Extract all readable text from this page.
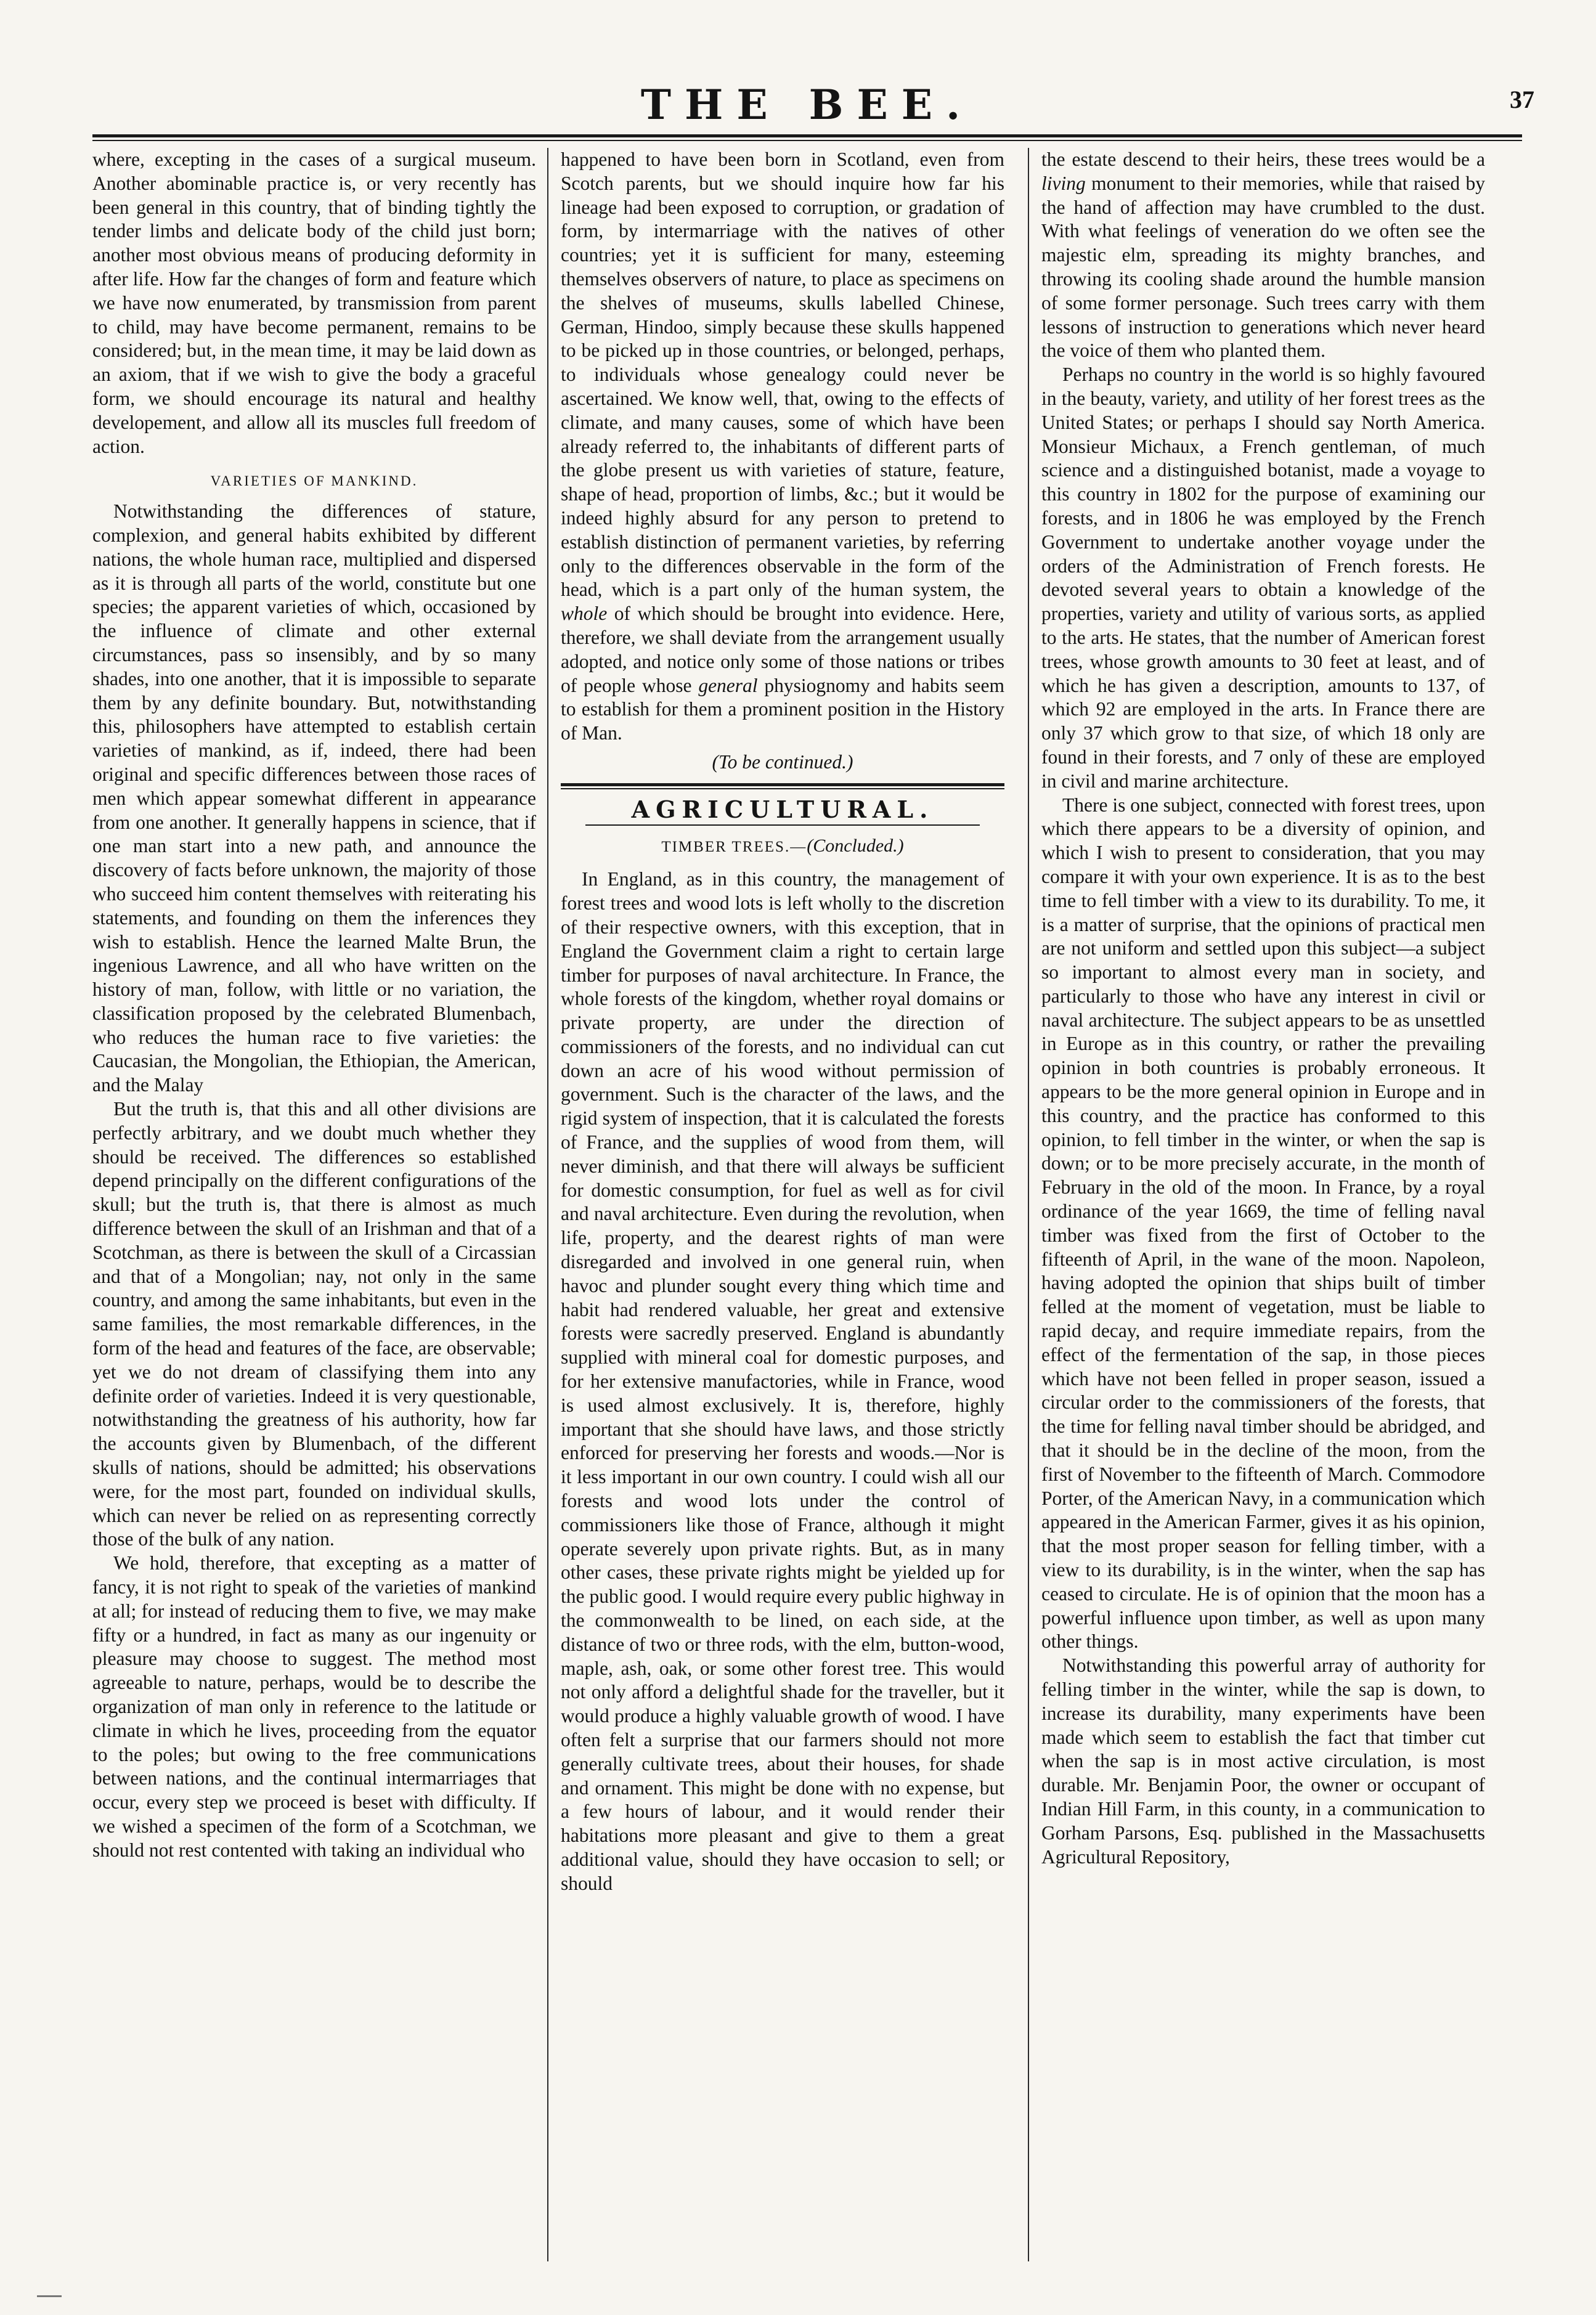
THE BEE.	37

where, excepting in the cases of a surgical museum. Another abominable practice is, or very recently has been general in this country, that of binding tightly the tender limbs and delicate body of the child just born; another most obvious means of producing deformity in after life. How far the changes of form and feature which we have now enumerated, by transmission from parent to child, may have become permanent, remains to be considered; but, in the mean time, it may be laid down as an axiom, that if we wish to give the body a graceful form, we should encourage its natural and healthy developement, and allow all its muscles full freedom of action.

VARIETIES OF MANKIND.

Notwithstanding the differences of stature, complexion, and general habits exhibited by different nations, the whole human race, multiplied and dispersed as it is through all parts of the world, constitute but one species; the apparent varieties of which, occasioned by the influence of climate and other external circumstances, pass so insensibly, and by so many shades, into one another, that it is impossible to separate them by any definite boundary. But, notwithstanding this, philosophers have attempted to establish certain varieties of mankind, as if, indeed, there had been original and specific differences between those races of men which appear somewhat different in appearance from one another. It generally happens in science, that if one man start into a new path, and announce the discovery of facts before unknown, the majority of those who succeed him content themselves with reiterating his statements, and founding on them the inferences they wish to establish. Hence the learned Malte Brun, the ingenious Lawrence, and all who have written on the history of man, follow, with little or no variation, the classification proposed by the celebrated Blumenbach, who reduces the human race to five varieties: the Caucasian, the Mongolian, the Ethiopian, the American, and the Malay

But the truth is, that this and all other divisions are perfectly arbitrary, and we doubt much whether they should be received. The differences so established depend principally on the different configurations of the skull; but the truth is, that there is almost as much difference between the skull of an Irishman and that of a Scotchman, as there is between the skull of a Circassian and that of a Mongolian; nay, not only in the same country, and among the same inhabitants, but even in the same families, the most remarkable differences, in the form of the head and features of the face, are observable; yet we do not dream of classifying them into any definite order of varieties. Indeed it is very questionable, notwithstanding the greatness of his authority, how far the accounts given by Blumenbach, of the different skulls of nations, should be admitted; his observations were, for the most part, founded on individual skulls, which can never be relied on as representing correctly those of the bulk of any nation.

We hold, therefore, that excepting as a matter of fancy, it is not right to speak of the varieties of mankind at all; for instead of reducing them to five, we may make fifty or a hundred, in fact as many as our ingenuity or pleasure may choose to suggest. The method most agreeable to nature, perhaps, would be to describe the organization of man only in reference to the latitude or climate in which he lives, proceeding from the equator to the poles; but owing to the free communications between nations, and the continual intermarriages that occur, every step we proceed is beset with difficulty. If we wished a specimen of the form of a Scotchman, we should not rest contented with taking an individual who

happened to have been born in Scotland, even from Scotch parents, but we should inquire how far his lineage had been exposed to corruption, or gradation of form, by intermarriage with the natives of other countries; yet it is sufficient for many, esteeming themselves observers of nature, to place as specimens on the shelves of museums, skulls labelled Chinese, German, Hindoo, simply because these skulls happened to be picked up in those countries, or belonged, perhaps, to individuals whose genealogy could never be ascertained. We know well, that, owing to the effects of climate, and many causes, some of which have been already referred to, the inhabitants of different parts of the globe present us with varieties of stature, feature, shape of head, proportion of limbs, &c.; but it would be indeed highly absurd for any person to pretend to establish distinction of permanent varieties, by referring only to the differences observable in the form of the head, which is a part only of the human system, the whole of which should be brought into evidence. Here, therefore, we shall deviate from the arrangement usually adopted, and notice only some of those nations or tribes of people whose general physiognomy and habits seem to establish for them a prominent position in the History of Man.

(To be continued.)
AGRICULTURAL.
TIMBER TREES.—(Concluded.)

In England, as in this country, the management of forest trees and wood lots is left wholly to the discretion of their respective owners, with this exception, that in England the Government claim a right to certain large timber for purposes of naval architecture. In France, the whole forests of the kingdom, whether royal domains or private property, are under the direction of commissioners of the forests, and no individual can cut down an acre of his wood without permission of government. Such is the character of the laws, and the rigid system of inspection, that it is calculated the forests of France, and the supplies of wood from them, will never diminish, and that there will always be sufficient for domestic consumption, for fuel as well as for civil and naval architecture. Even during the revolution, when life, property, and the dearest rights of man were disregarded and involved in one general ruin, when havoc and plunder sought every thing which time and habit had rendered valuable, her great and extensive forests were sacredly preserved. England is abundantly supplied with mineral coal for domestic purposes, and for her extensive manufactories, while in France, wood is used almost exclusively. It is, therefore, highly important that she should have laws, and those strictly enforced for preserving her forests and woods.—Nor is it less important in our own country. I could wish all our forests and wood lots under the control of commissioners like those of France, although it might operate severely upon private rights. But, as in many other cases, these private rights might be yielded up for the public good. I would require every public highway in the commonwealth to be lined, on each side, at the distance of two or three rods, with the elm, button-wood, maple, ash, oak, or some other forest tree. This would not only afford a delightful shade for the traveller, but it would produce a highly valuable growth of wood. I have often felt a surprise that our farmers should not more generally cultivate trees, about their houses, for shade and ornament. This might be done with no expense, but a few hours of labour, and it would render their habitations more pleasant and give to them a great additional value, should they have occasion to sell; or should

the estate descend to their heirs, these trees would be a living monument to their memories, while that raised by the hand of affection may have crumbled to the dust. With what feelings of veneration do we often see the majestic elm, spreading its mighty branches, and throwing its cooling shade around the humble mansion of some former personage. Such trees carry with them lessons of instruction to generations which never heard the voice of them who planted them.

Perhaps no country in the world is so highly favoured in the beauty, variety, and utility of her forest trees as the United States; or perhaps I should say North America. Monsieur Michaux, a French gentleman, of much science and a distinguished botanist, made a voyage to this country in 1802 for the purpose of examining our forests, and in 1806 he was employed by the French Government to undertake another voyage under the orders of the Administration of French forests. He devoted several years to obtain a knowledge of the properties, variety and utility of various sorts, as applied to the arts. He states, that the number of American forest trees, whose growth amounts to 30 feet at least, and of which he has given a description, amounts to 137, of which 92 are employed in the arts. In France there are only 37 which grow to that size, of which 18 only are found in their forests, and 7 only of these are employed in civil and marine architecture.

There is one subject, connected with forest trees, upon which there appears to be a diversity of opinion, and which I wish to present to consideration, that you may compare it with your own experience. It is as to the best time to fell timber with a view to its durability. To me, it is a matter of surprise, that the opinions of practical men are not uniform and settled upon this subject—a subject so important to almost every man in society, and particularly to those who have any interest in civil or naval architecture. The subject appears to be as unsettled in Europe as in this country, or rather the prevailing opinion in both countries is probably erroneous. It appears to be the more general opinion in Europe and in this country, and the practice has conformed to this opinion, to fell timber in the winter, or when the sap is down; or to be more precisely accurate, in the month of February in the old of the moon. In France, by a royal ordinance of the year 1669, the time of felling naval timber was fixed from the first of October to the fifteenth of April, in the wane of the moon. Napoleon, having adopted the opinion that ships built of timber felled at the moment of vegetation, must be liable to rapid decay, and require immediate repairs, from the effect of the fermentation of the sap, in those pieces which have not been felled in proper season, issued a circular order to the commissioners of the forests, that the time for felling naval timber should be abridged, and that it should be in the decline of the moon, from the first of November to the fifteenth of March. Commodore Porter, of the American Navy, in a communication which appeared in the American Farmer, gives it as his opinion, that the most proper season for felling timber, with a view to its durability, is in the winter, when the sap has ceased to circulate. He is of opinion that the moon has a powerful influence upon timber, as well as upon many other things.

Notwithstanding this powerful array of authority for felling timber in the winter, while the sap is down, to increase its durability, many experiments have been made which seem to establish the fact that timber cut when the sap is in most active circulation, is most durable. Mr. Benjamin Poor, the owner or occupant of Indian Hill Farm, in this county, in a communication to Gorham Parsons, Esq. published in the Massachusetts Agricultural Repository,
